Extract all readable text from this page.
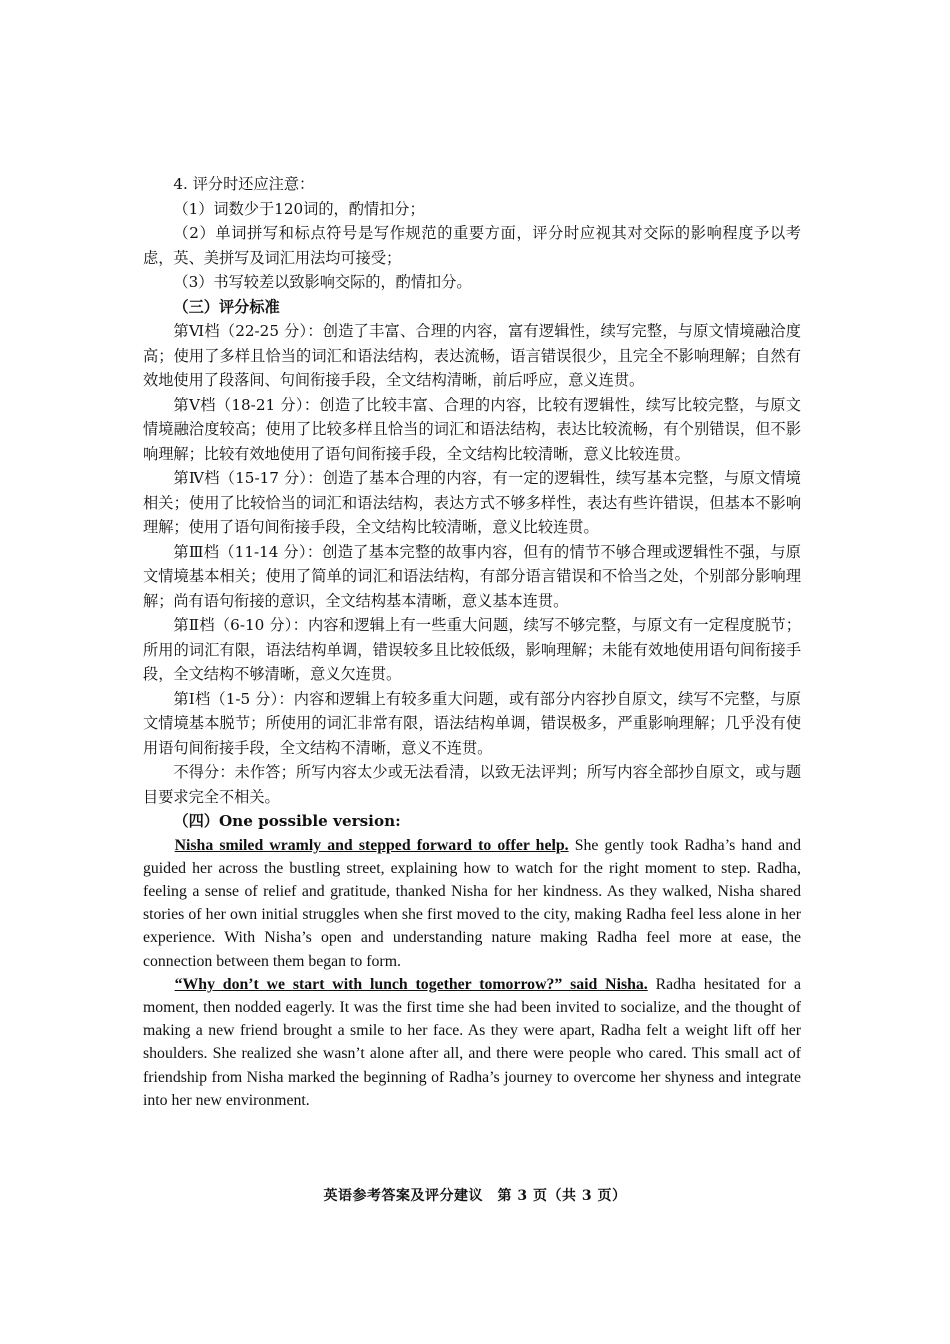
4. 评分时还应注意：

（1）词数少于120词的，酌情扣分；

（2）单词拼写和标点符号是写作规范的重要方面，评分时应视其对交际的影响程度予以考虑，英、美拼写及词汇用法均可接受；

（3）书写较差以致影响交际的，酌情扣分。

（三）评分标准

第Ⅵ档（22-25 分）：创造了丰富、合理的内容，富有逻辑性，续写完整，与原文情境融洽度高；使用了多样且恰当的词汇和语法结构，表达流畅，语言错误很少，且完全不影响理解；自然有效地使用了段落间、句间衔接手段，全文结构清晰，前后呼应，意义连贯。

第Ⅴ档（18-21 分）：创造了比较丰富、合理的内容，比较有逻辑性，续写比较完整，与原文情境融洽度较高；使用了比较多样且恰当的词汇和语法结构，表达比较流畅，有个别错误，但不影响理解；比较有效地使用了语句间衔接手段，全文结构比较清晰，意义比较连贯。

第Ⅳ档（15-17 分）：创造了基本合理的内容，有一定的逻辑性，续写基本完整，与原文情境相关；使用了比较恰当的词汇和语法结构，表达方式不够多样性，表达有些许错误，但基本不影响理解；使用了语句间衔接手段，全文结构比较清晰，意义比较连贯。

第Ⅲ档（11-14 分）：创造了基本完整的故事内容，但有的情节不够合理或逻辑性不强，与原文情境基本相关；使用了简单的词汇和语法结构，有部分语言错误和不恰当之处，个别部分影响理解；尚有语句衔接的意识，全文结构基本清晰，意义基本连贯。

第Ⅱ档（6-10 分）：内容和逻辑上有一些重大问题，续写不够完整，与原文有一定程度脱节；所用的词汇有限，语法结构单调，错误较多且比较低级，影响理解；未能有效地使用语句间衔接手段，全文结构不够清晰，意义欠连贯。

第Ⅰ档（1-5 分）：内容和逻辑上有较多重大问题，或有部分内容抄自原文，续写不完整，与原文情境基本脱节；所使用的词汇非常有限，语法结构单调，错误极多，严重影响理解；几乎没有使用语句间衔接手段，全文结构不清晰，意义不连贯。

不得分：未作答；所写内容太少或无法看清，以致无法评判；所写内容全部抄自原文，或与题目要求完全不相关。

（四）One possible version:

Nisha smiled wramly and stepped forward to offer help. She gently took Radha’s hand and guided her across the bustling street, explaining how to watch for the right moment to step. Radha, feeling a sense of relief and gratitude, thanked Nisha for her kindness. As they walked, Nisha shared stories of her own initial struggles when she first moved to the city, making Radha feel less alone in her experience. With Nisha’s open and understanding nature making Radha feel more at ease, the connection between them began to form.

“Why don’t we start with lunch together tomorrow?” said Nisha. Radha hesitated for a moment, then nodded eagerly. It was the first time she had been invited to socialize, and the thought of making a new friend brought a smile to her face. As they were apart, Radha felt a weight lift off her shoulders. She realized she wasn’t alone after all, and there were people who cared. This small act of friendship from Nisha marked the beginning of Radha’s journey to overcome her shyness and integrate into her new environment.

英语参考答案及评分建议　第 3 页（共 3 页）
